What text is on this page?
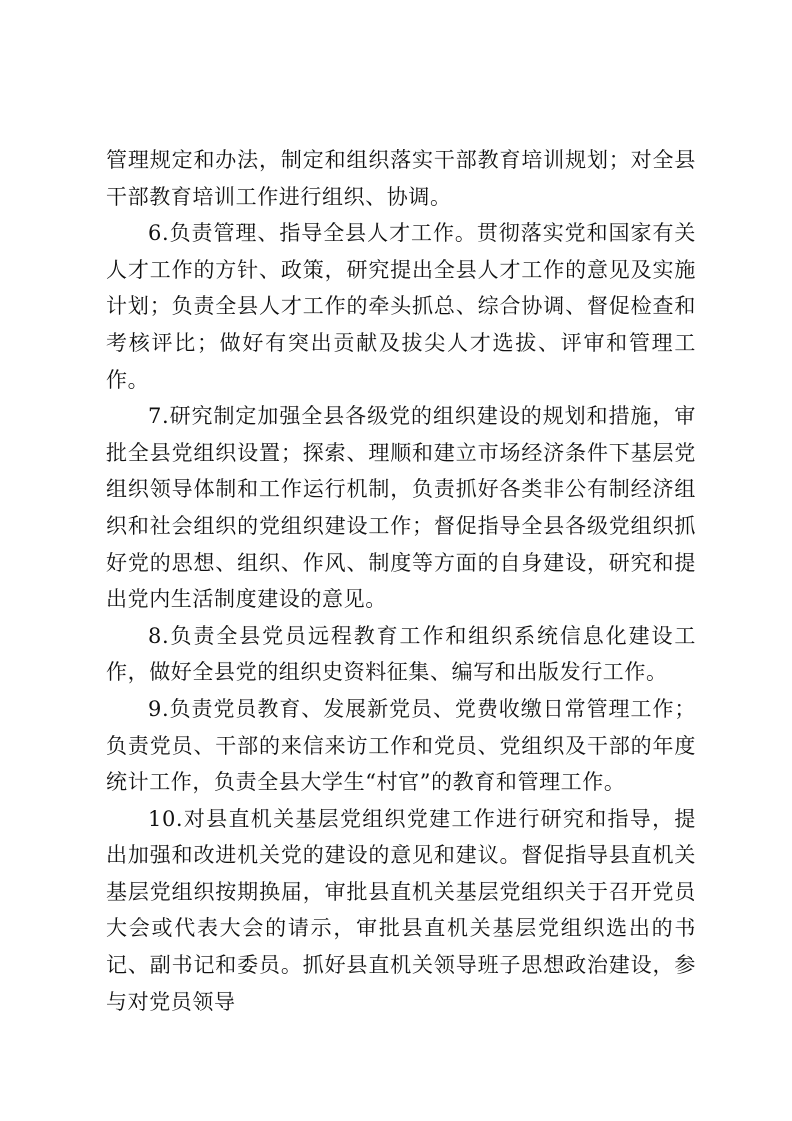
管理规定和办法，制定和组织落实干部教育培训规划；对全县干部教育培训工作进行组织、协调。

6.负责管理、指导全县人才工作。贯彻落实党和国家有关人才工作的方针、政策，研究提出全县人才工作的意见及实施计划；负责全县人才工作的牵头抓总、综合协调、督促检查和考核评比；做好有突出贡献及拔尖人才选拔、评审和管理工作。

7.研究制定加强全县各级党的组织建设的规划和措施，审批全县党组织设置；探索、理顺和建立市场经济条件下基层党组织领导体制和工作运行机制，负责抓好各类非公有制经济组织和社会组织的党组织建设工作；督促指导全县各级党组织抓好党的思想、组织、作风、制度等方面的自身建设，研究和提出党内生活制度建设的意见。

8.负责全县党员远程教育工作和组织系统信息化建设工作，做好全县党的组织史资料征集、编写和出版发行工作。

9.负责党员教育、发展新党员、党费收缴日常管理工作；负责党员、干部的来信来访工作和党员、党组织及干部的年度统计工作，负责全县大学生“村官”的教育和管理工作。

10.对县直机关基层党组织党建工作进行研究和指导，提出加强和改进机关党的建设的意见和建议。督促指导县直机关基层党组织按期换届，审批县直机关基层党组织关于召开党员大会或代表大会的请示，审批县直机关基层党组织选出的书记、副书记和委员。抓好县直机关领导班子思想政治建设，参与对党员领导
